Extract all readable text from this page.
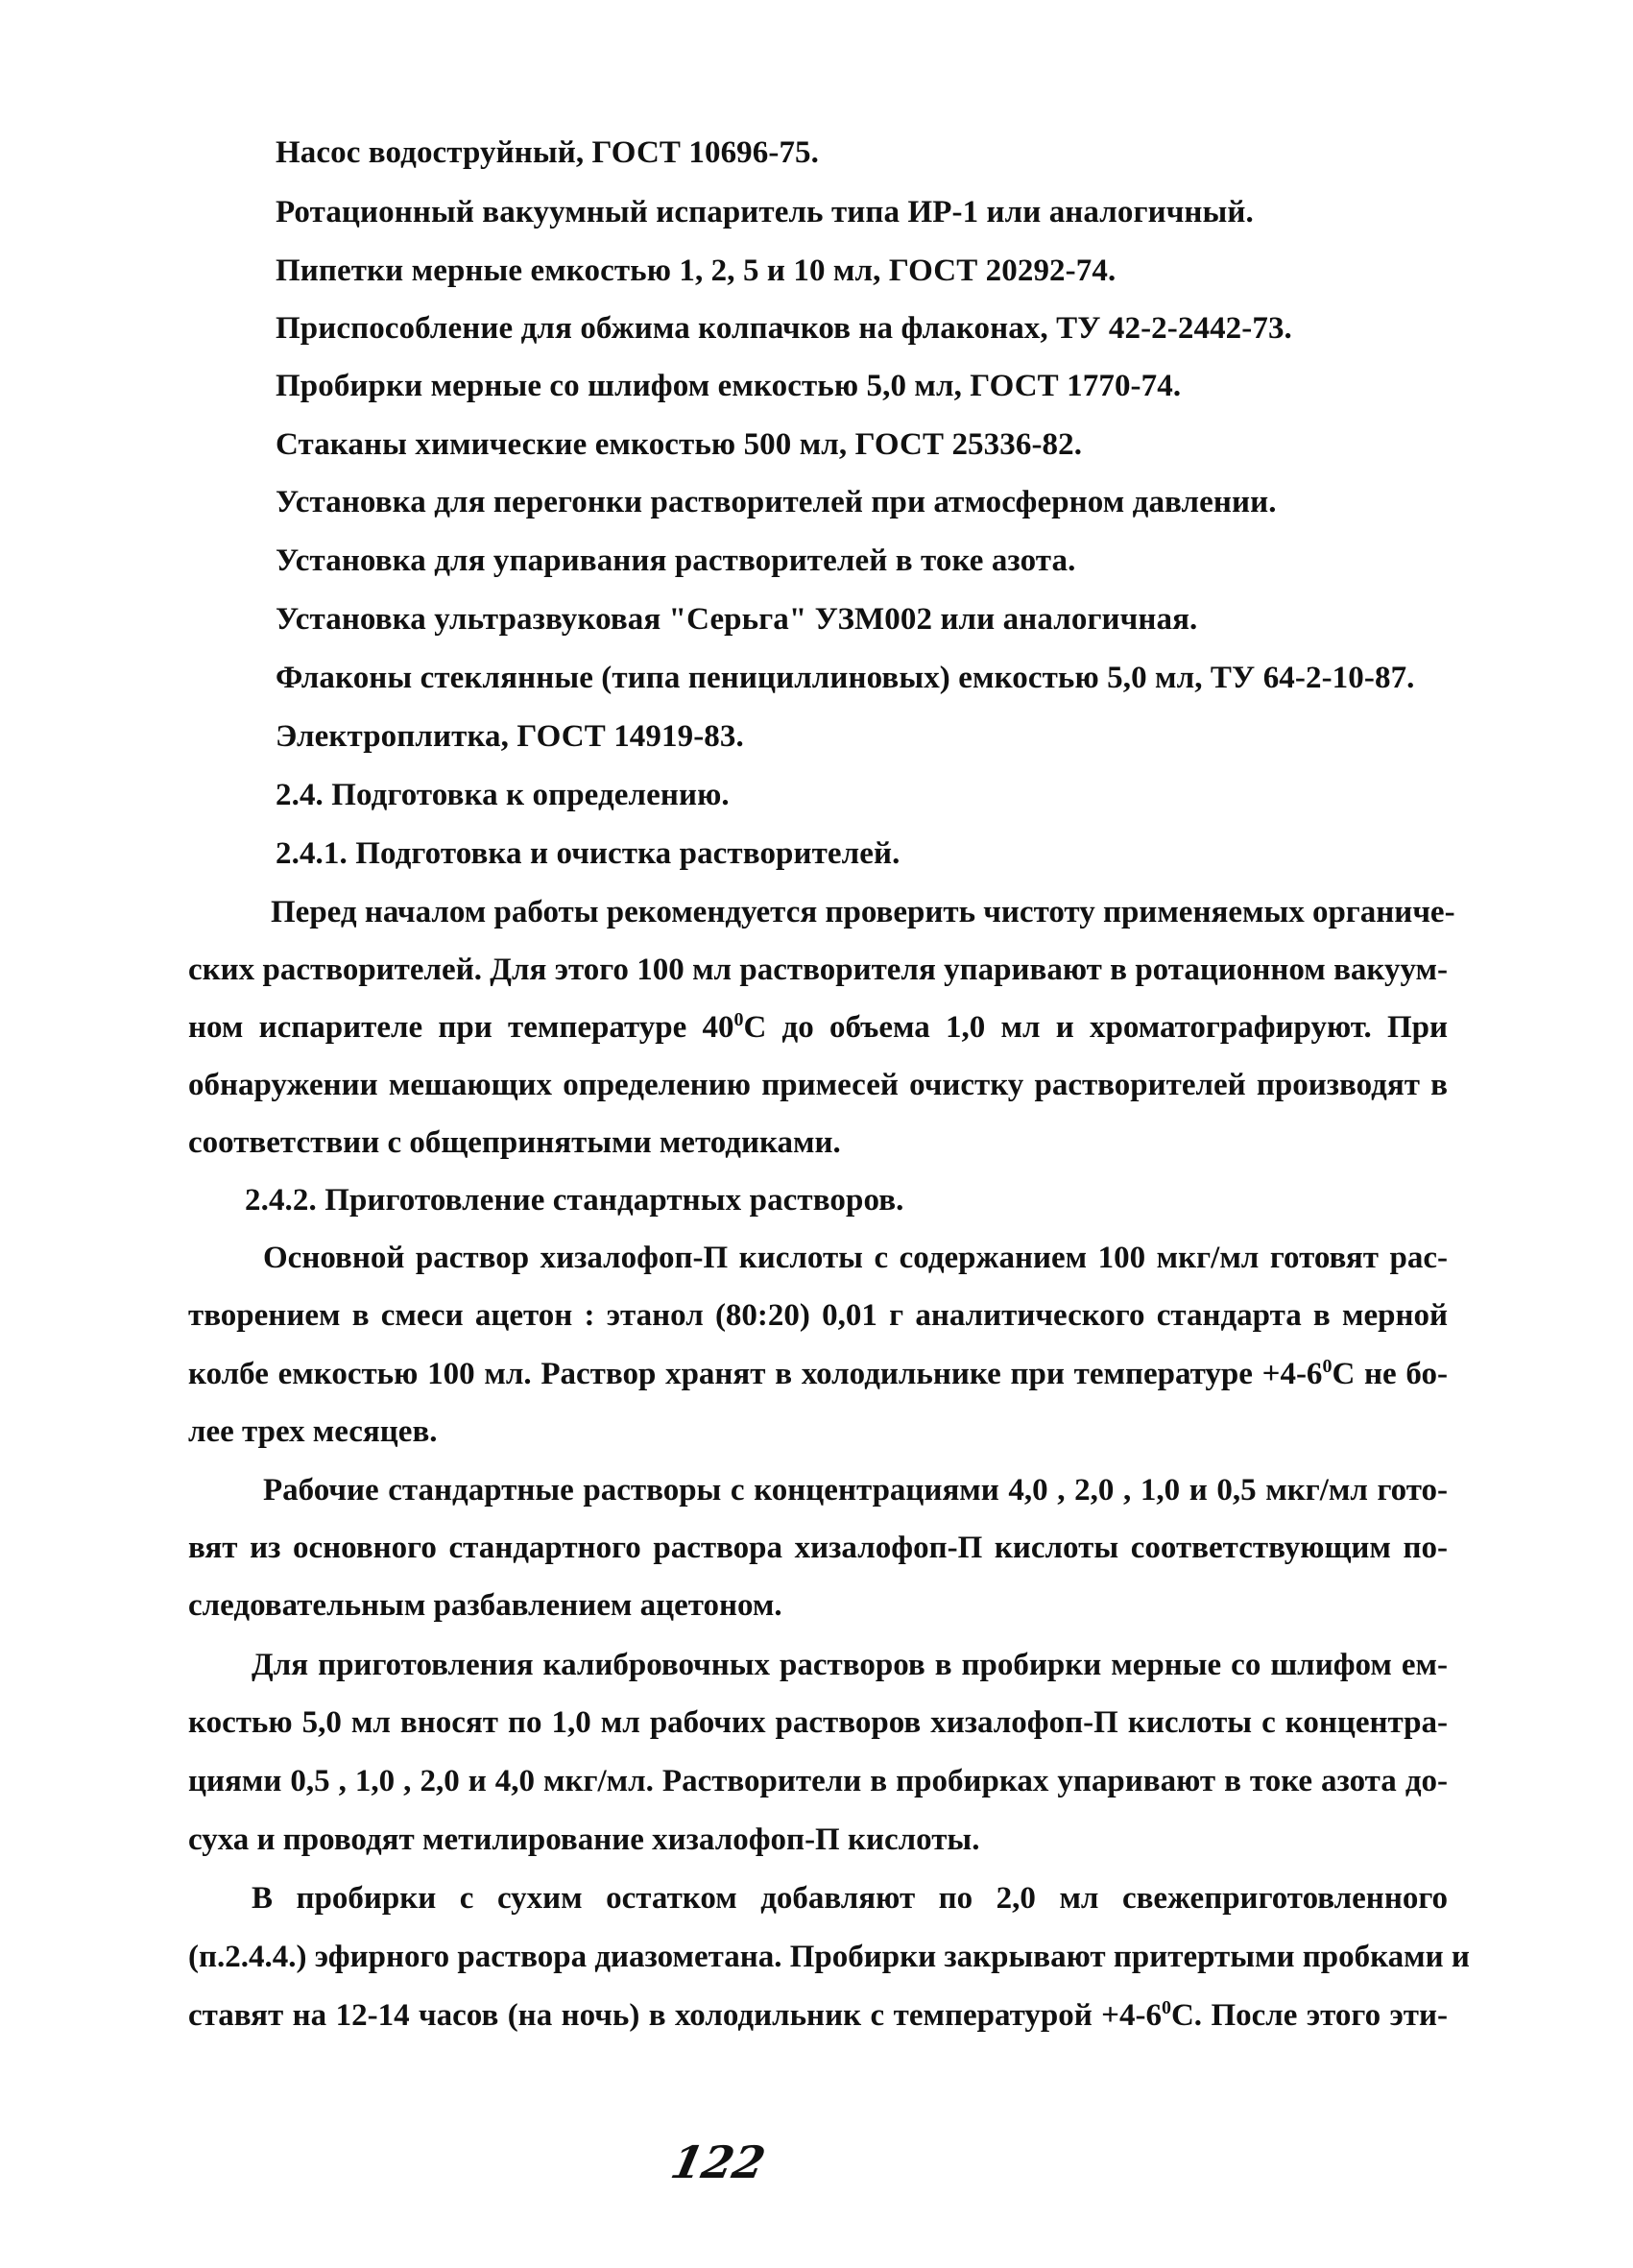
Насос водоструйный, ГОСТ 10696-75.
Ротационный вакуумный испаритель типа ИР-1 или аналогичный.
Пипетки мерные емкостью 1, 2, 5 и 10 мл, ГОСТ 20292-74.
Приспособление для обжима колпачков на флаконах, ТУ 42-2-2442-73.
Пробирки мерные со шлифом емкостью 5,0 мл, ГОСТ 1770-74.
Стаканы химические емкостью 500 мл, ГОСТ 25336-82.
Установка для перегонки растворителей при атмосферном давлении.
Установка для упаривания растворителей в токе азота.
Установка ультразвуковая "Серьга" УЗМ002 или аналогичная.
Флаконы стеклянные (типа пенициллиновых) емкостью 5,0 мл, ТУ 64-2-10-87.
Электроплитка, ГОСТ 14919-83.
2.4. Подготовка к определению.
2.4.1. Подготовка и очистка растворителей.
Перед началом работы рекомендуется проверить чистоту применяемых органиче-
ских растворителей. Для этого 100 мл растворителя упаривают в ротационном вакуум-
ном испарителе при температуре $40^0С$ до объема 1,0 мл и хроматографируют. При
обнаружении мешающих определению примесей очистку растворителей производят в
соответствии с общепринятыми методиками.
2.4.2. Приготовление стандартных растворов.
Основной раствор хизалофоп-П кислоты с содержанием 100 мкг/мл готовят рас-
творением в смеси ацетон : этанол (80:20) 0,01 г аналитического стандарта в мерной
колбе емкостью 100 мл. Раствор хранят в холодильнике при температуре $+4-6^0С$ не бо-
лее трех месяцев.
Рабочие стандартные растворы с концентрациями 4,0 , 2,0 , 1,0 и 0,5 мкг/мл гото-
вят из основного стандартного раствора хизалофоп-П кислоты соответствующим по-
следовательным разбавлением ацетоном.
Для приготовления калибровочных растворов в пробирки мерные со шлифом ем-
костью 5,0 мл вносят по 1,0 мл рабочих растворов хизалофоп-П кислоты с концентра-
циями 0,5 , 1,0 , 2,0 и 4,0 мкг/мл. Растворители в пробирках упаривают в токе азота до-
суха и проводят метилирование хизалофоп-П кислоты.
В пробирки с сухим остатком добавляют по 2,0 мл свежеприготовленного
(п.2.4.4.) эфирного раствора диазометана. Пробирки закрывают притертыми пробками и
ставят на 12-14 часов (на ночь) в холодильник с температурой $+4-6^0С$. После этого эти-
122
